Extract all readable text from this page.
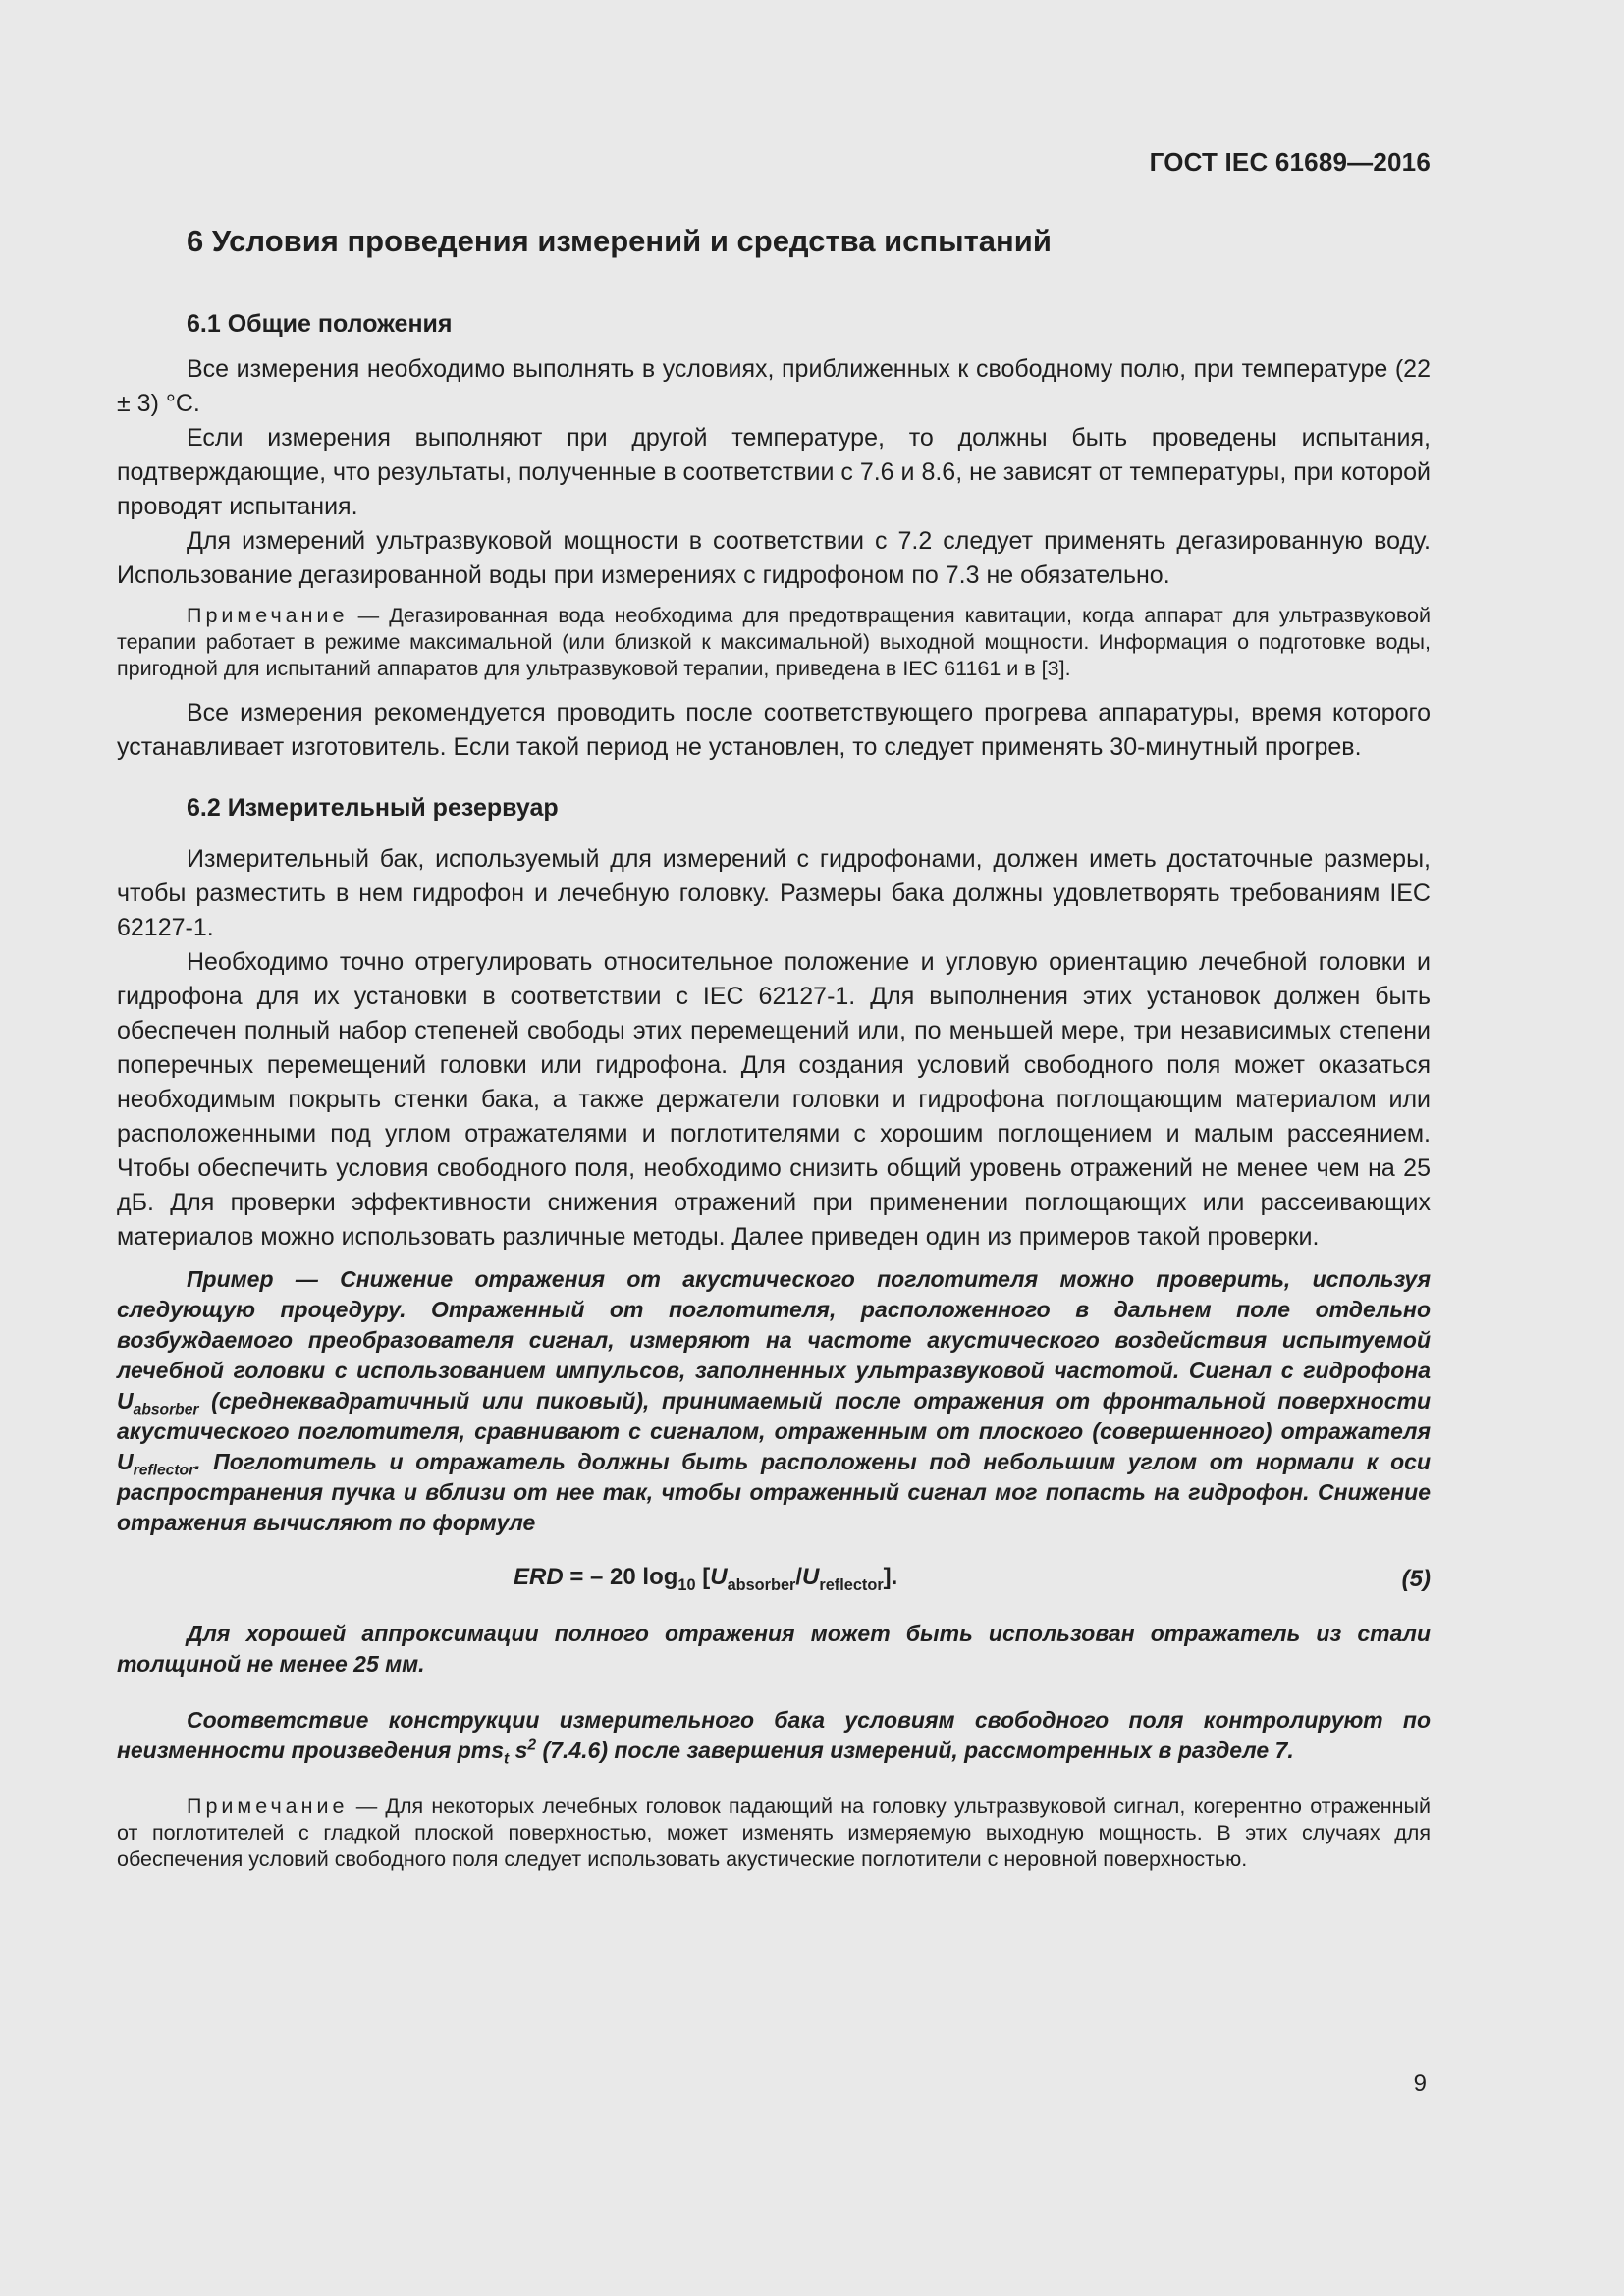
ГОСТ IEC 61689—2016
6 Условия проведения измерений и средства испытаний
6.1 Общие положения

Все измерения необходимо выполнять в условиях, приближенных к свободному полю, при температуре (22 ± 3) °С.

Если измерения выполняют при другой температуре, то должны быть проведены испытания, подтверждающие, что результаты, полученные в соответствии с 7.6 и 8.6, не зависят от температуры, при которой проводят испытания.

Для измерений ультразвуковой мощности в соответствии с 7.2 следует применять дегазированную воду. Использование дегазированной воды при измерениях с гидрофоном по 7.3 не обязательно.

Примечание — Дегазированная вода необходима для предотвращения кавитации, когда аппарат для ультразвуковой терапии работает в режиме максимальной (или близкой к максимальной) выходной мощности. Информация о подготовке воды, пригодной для испытаний аппаратов для ультразвуковой терапии, приведена в IEC 61161 и в [3].

Все измерения рекомендуется проводить после соответствующего прогрева аппаратуры, время которого устанавливает изготовитель. Если такой период не установлен, то следует применять 30-минутный прогрев.

6.2 Измерительный резервуар

Измерительный бак, используемый для измерений с гидрофонами, должен иметь достаточные размеры, чтобы разместить в нем гидрофон и лечебную головку. Размеры бака должны удовлетворять требованиям IEC 62127-1.

Необходимо точно отрегулировать относительное положение и угловую ориентацию лечебной головки и гидрофона для их установки в соответствии с IEC 62127-1. Для выполнения этих установок должен быть обеспечен полный набор степеней свободы этих перемещений или, по меньшей мере, три независимых степени поперечных перемещений головки или гидрофона. Для создания условий свободного поля может оказаться необходимым покрыть стенки бака, а также держатели головки и гидрофона поглощающим материалом или расположенными под углом отражателями и поглотителями с хорошим поглощением и малым рассеянием. Чтобы обеспечить условия свободного поля, необходимо снизить общий уровень отражений не менее чем на 25 дБ. Для проверки эффективности снижения отражений при применении поглощающих или рассеивающих материалов можно использовать различные методы. Далее приведен один из примеров такой проверки.

Пример — Снижение отражения от акустического поглотителя можно проверить, используя следующую процедуру. Отраженный от поглотителя, расположенного в дальнем поле отдельно возбуждаемого преобразователя сигнал, измеряют на частоте акустического воздействия испытуемой лечебной головки с использованием импульсов, заполненных ультразвуковой частотой. Сигнал с гидрофона $U_{absorber}$ (среднеквадратичный или пиковый), принимаемый после отражения от фронтальной поверхности акустического поглотителя, сравнивают с сигналом, отраженным от плоского (совершенного) отражателя $U_{reflector}$. Поглотитель и отражатель должны быть расположены под небольшим углом от нормали к оси распространения пучка и вблизи от нее так, чтобы отраженный сигнал мог попасть на гидрофон. Снижение отражения вычисляют по формуле

ERD = – 20 $\log_{10} [U_{absorber}/U_{reflector}]$.	(5)

Для хорошей аппроксимации полного отражения может быть использован отражатель из стали толщиной не менее 25 мм.

Соответствие конструкции измерительного бака условиям свободного поля контролируют по неизменности произведения pms$_t$ $s^2$ (7.4.6) после завершения измерений, рассмотренных в разделе 7.

Примечание — Для некоторых лечебных головок падающий на головку ультразвуковой сигнал, когерентно отраженный от поглотителей с гладкой плоской поверхностью, может изменять измеряемую выходную мощность. В этих случаях для обеспечения условий свободного поля следует использовать акустические поглотители с неровной поверхностью.

9
